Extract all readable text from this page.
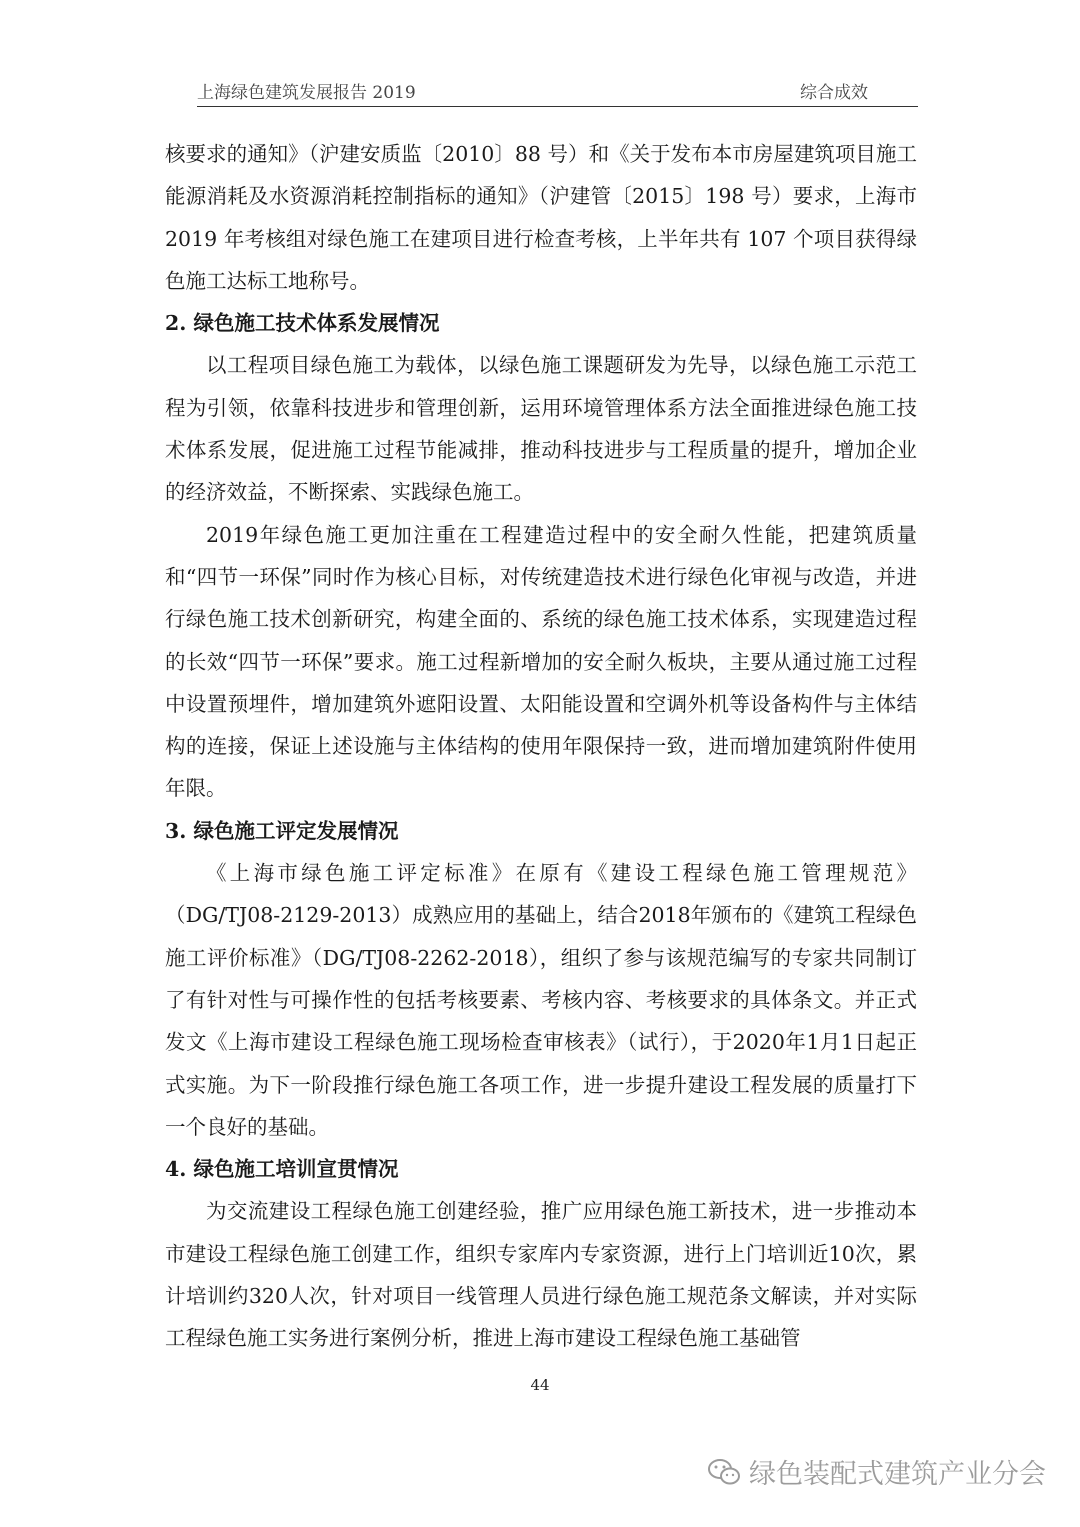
上海绿色建筑发展报告 2019	综合成效

核要求的通知》（沪建安质监〔2010〕88 号）和《关于发布本市房屋建筑项目施工能源消耗及水资源消耗控制指标的通知》（沪建管〔2015〕198 号）要求，上海市 2019 年考核组对绿色施工在建项目进行检查考核，上半年共有 107 个项目获得绿色施工达标工地称号。

2. 绿色施工技术体系发展情况

以工程项目绿色施工为载体，以绿色施工课题研发为先导，以绿色施工示范工程为引领，依靠科技进步和管理创新，运用环境管理体系方法全面推进绿色施工技术体系发展，促进施工过程节能减排，推动科技进步与工程质量的提升，增加企业的经济效益，不断探索、实践绿色施工。

2019年绿色施工更加注重在工程建造过程中的安全耐久性能，把建筑质量和“四节一环保”同时作为核心目标，对传统建造技术进行绿色化审视与改造，并进行绿色施工技术创新研究，构建全面的、系统的绿色施工技术体系，实现建造过程的长效“四节一环保”要求。施工过程新增加的安全耐久板块，主要从通过施工过程中设置预埋件，增加建筑外遮阳设置、太阳能设置和空调外机等设备构件与主体结构的连接，保证上述设施与主体结构的使用年限保持一致，进而增加建筑附件使用年限。

3. 绿色施工评定发展情况

《上海市绿色施工评定标准》在原有《建设工程绿色施工管理规范》（DG/TJ08-2129-2013）成熟应用的基础上，结合2018年颁布的《建筑工程绿色施工评价标准》（DG/TJ08-2262-2018），组织了参与该规范编写的专家共同制订了有针对性与可操作性的包括考核要素、考核内容、考核要求的具体条文。并正式发文《上海市建设工程绿色施工现场检查审核表》（试行），于2020年1月1日起正式实施。为下一阶段推行绿色施工各项工作，进一步提升建设工程发展的质量打下一个良好的基础。

4. 绿色施工培训宣贯情况

为交流建设工程绿色施工创建经验，推广应用绿色施工新技术，进一步推动本市建设工程绿色施工创建工作，组织专家库内专家资源，进行上门培训近10次，累计培训约320人次，针对项目一线管理人员进行绿色施工规范条文解读，并对实际工程绿色施工实务进行案例分析，推进上海市建设工程绿色施工基础管

44
绿色装配式建筑产业分会
